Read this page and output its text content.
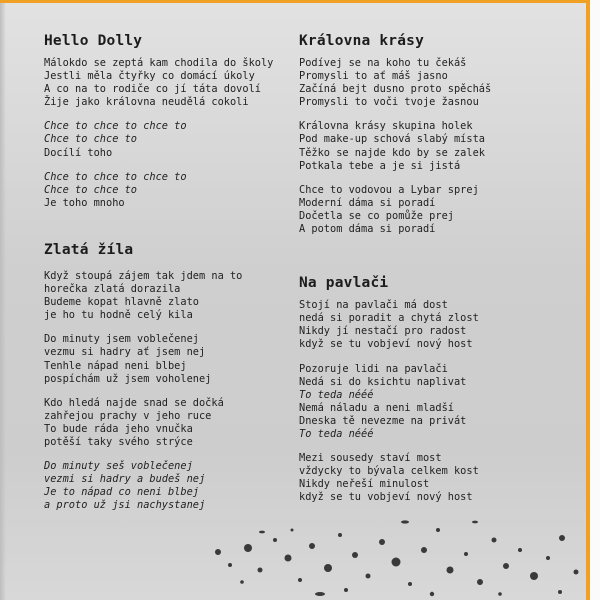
Hello Dolly
Málokdo se zeptá kam chodila do školy
Jestli měla čtyřky co domácí úkoly
A co na to rodiče co jí táta dovolí
Žije jako královna neudělá cokoli
Chce to chce to chce to
Chce to chce to
Docílí toho
Chce to chce to chce to
Chce to chce to
Je toho mnoho
Zlatá žíla
Když stoupá zájem tak jdem na to
horečka zlatá dorazila
Budeme kopat hlavně zlato
je ho tu hodně celý kila
Do minuty jsem voblečenej
vezmu si hadry ať jsem nej
Tenhle nápad neni blbej
pospíchám už jsem voholenej
Kdo hledá najde snad se dočká
zahřejou prachy v jeho ruce
To bude ráda jeho vnučka
potěší taky svého strýce
Do minuty seš voblečenej
vezmi si hadry a budeš nej
Je to nápad co neni blbej
a proto už jsi nachystanej
Královna krásy
Podívej se na koho tu čekáš
Promysli to ať máš jasno
Začíná bejt dusno proto spěcháš
Promysli to voči tvoje žasnou
Královna krásy skupina holek
Pod make-up schová slabý místa
Těžko se najde kdo by se zalek
Potkala tebe a je si jistá
Chce to vodovou a Lybar sprej
Moderní dáma si poradí
Dočetla se co pomůže prej
A potom dáma si poradí
Na pavlači
Stojí na pavlači má dost
nedá si poradit a chytá zlost
Nikdy jí nestačí pro radost
když se tu vobjeví nový host
Pozoruje lidi na pavlači
Nedá si do ksichtu naplivat
To teda nééé
Nemá náladu a neni mladší
Dneska tě nevezme na privát
To teda nééé
Mezi sousedy staví most
vždycky to bývala celkem kost
Nikdy neřeší minulost
když se tu vobjeví nový host
